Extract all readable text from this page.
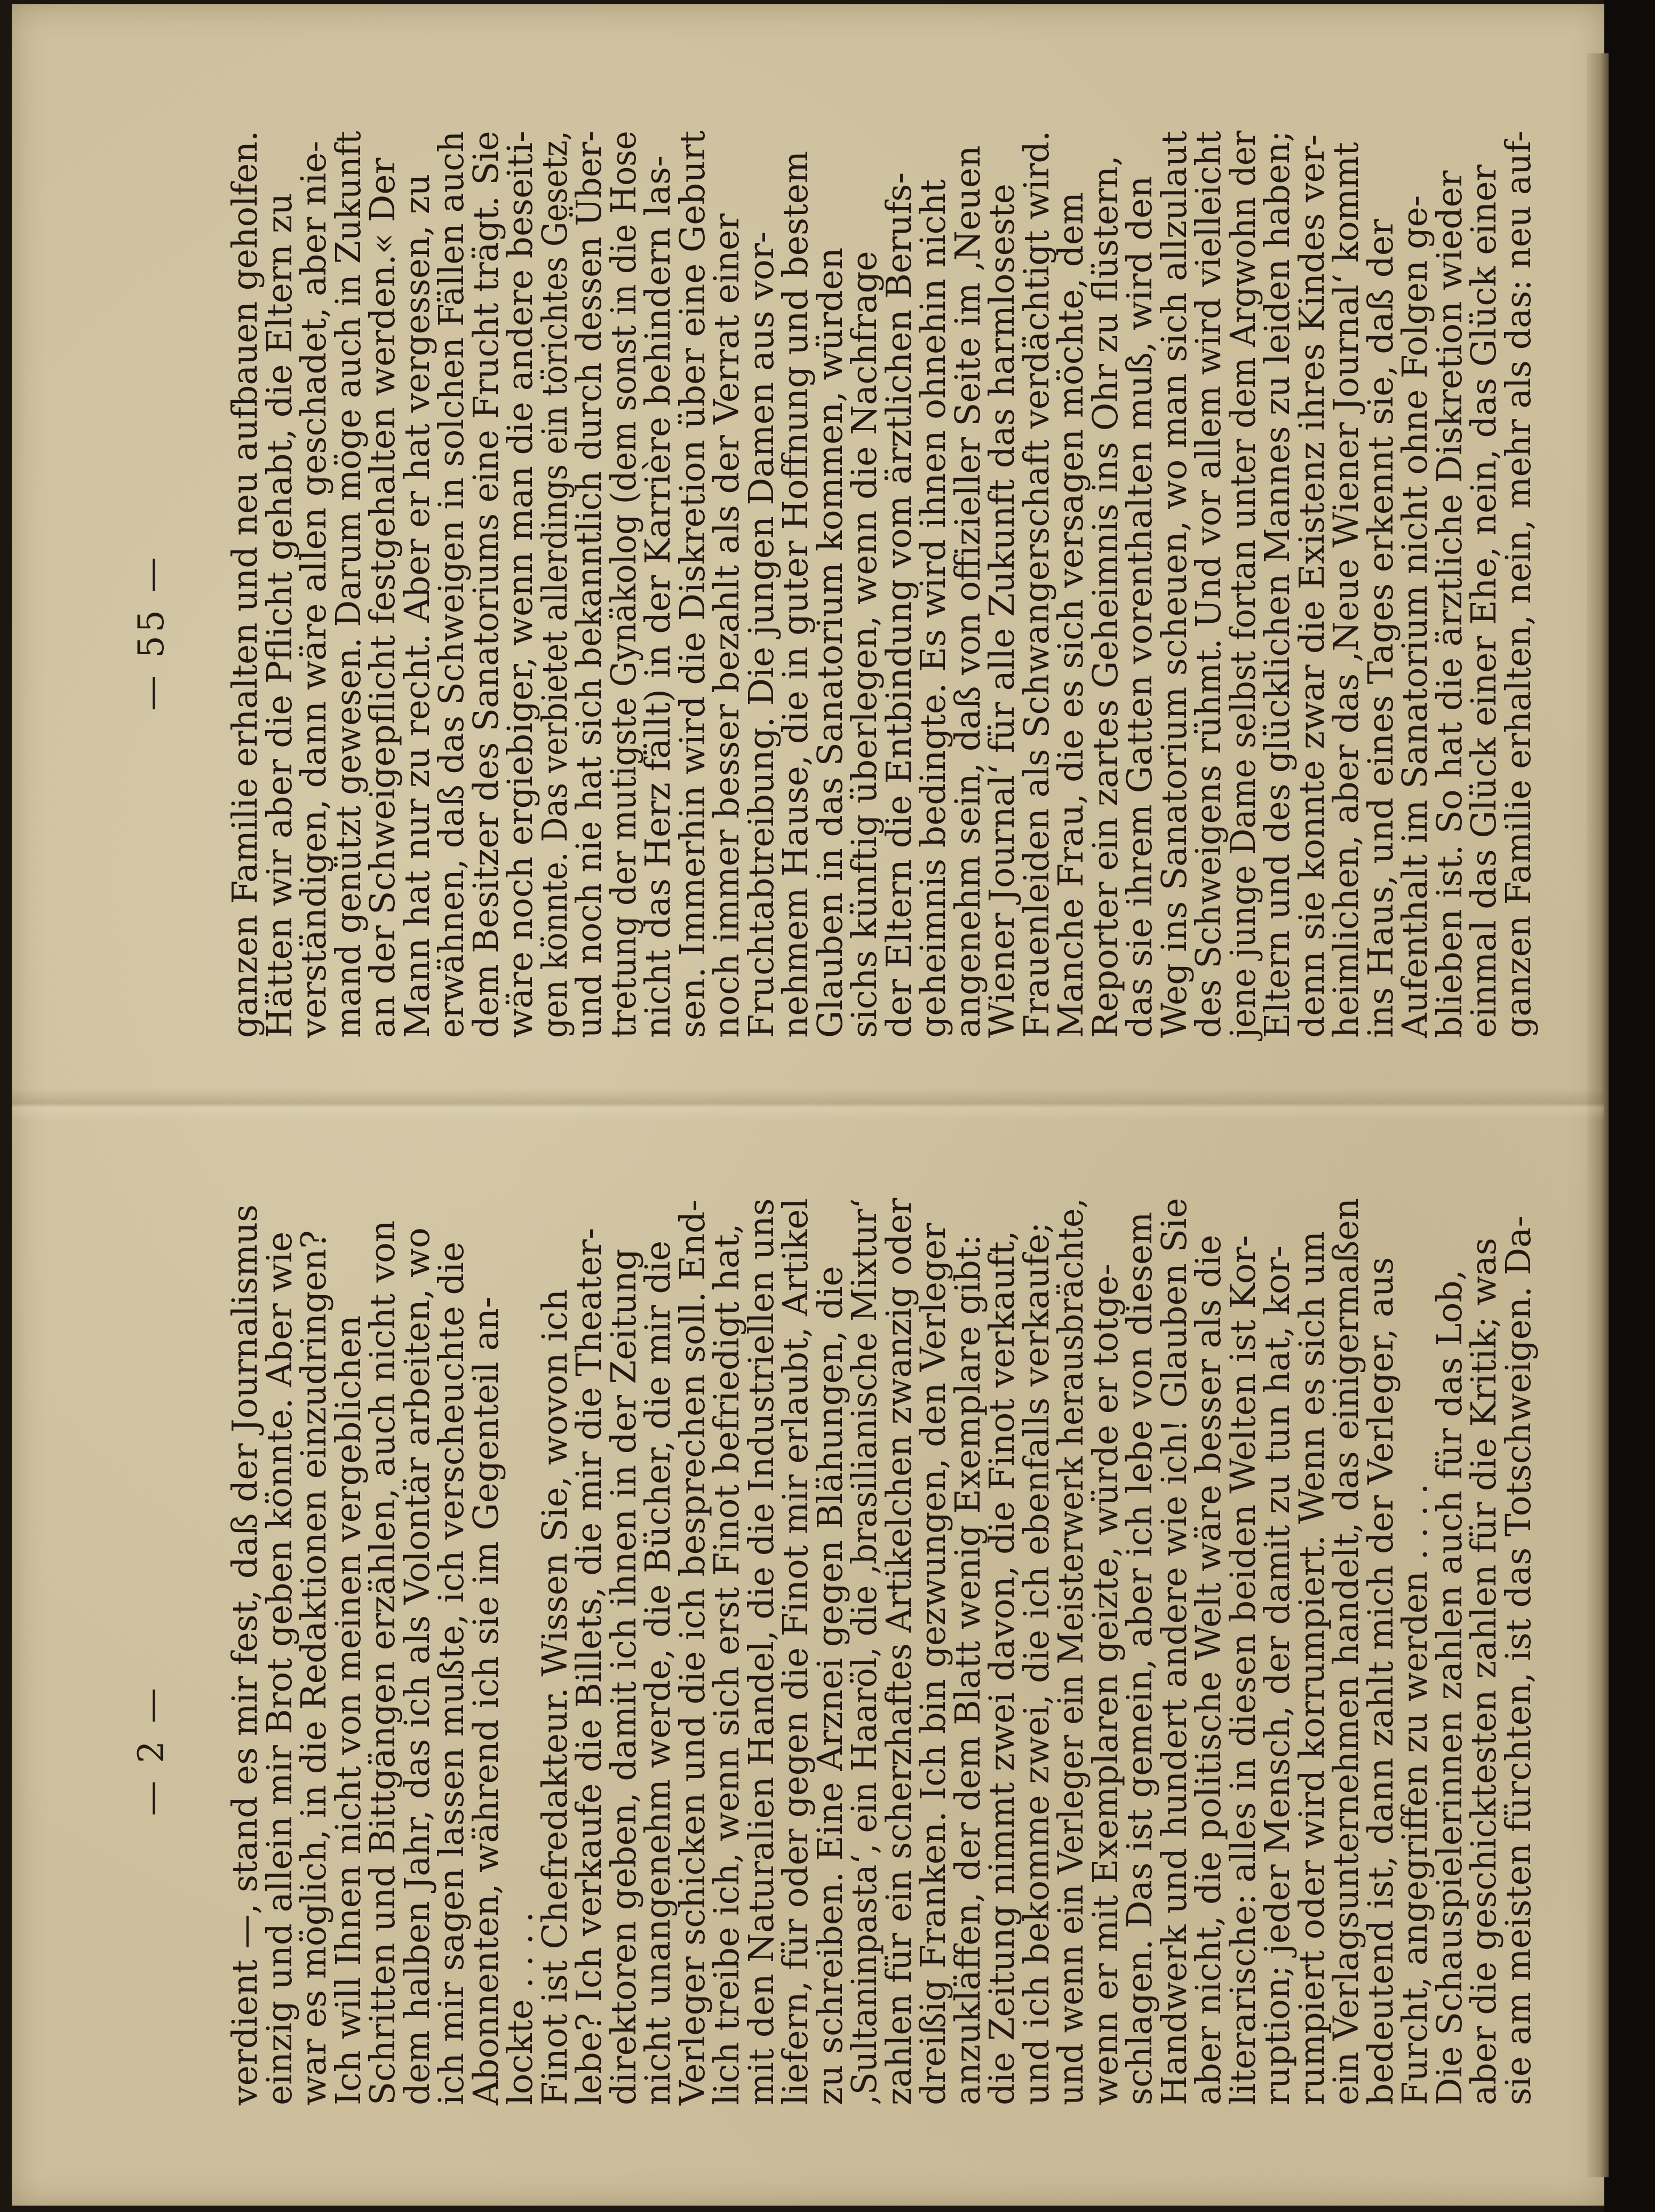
— 55 — ganzen Familie erhalten und neu aufbauen geholfen.

Hätten wir aber die Pflicht gehabt, die Eltern zu

verständigen, dann wäre allen geschadet, aber nie-

mand genützt gewesen. Darum möge auch in Zukunft

an der Schweigepflicht festgehalten werden.« Der

Mann hat nur zu recht. Aber er hat vergessen, zu

erwähnen, daß das Schweigen in solchen Fällen auch

dem Besitzer des Sanatoriums eine Frucht trägt. Sie

wäre noch ergiebiger, wenn man die andere beseiti-

gen könnte. Das verbietet allerdings ein törichtes Gesetz,

und noch nie hat sich bekanntlich durch dessen Über-

tretung der mutigste Gynäkolog (dem sonst in die Hose

nicht das Herz fällt) in der Karrière behindern las-

sen. Immerhin wird die Diskretion über eine Geburt

noch immer besser bezahlt als der Verrat einer

Fruchtabtreibung. Die jungen Damen aus vor-

nehmem Hause, die in guter Hoffnung und bestem

Glauben in das Sanatorium kommen, würden

sichs künftig überlegen, wenn die Nachfrage

der Eltern die Entbindung vom ärztlichen Berufs-

geheimnis bedingte. Es wird ihnen ohnehin nicht

angenehm sein, daß von offizieller Seite im ‚Neuen

Wiener Journal‘ für alle Zukunft das harmloseste

Frauenleiden als Schwangerschaft verdächtigt wird.

Manche Frau, die es sich versagen möchte, dem

Reporter ein zartes Geheimnis ins Ohr zu flüstern,

das sie ihrem Gatten vorenthalten muß, wird den

Weg ins Sanatorium scheuen, wo man sich allzulaut

des Schweigens rühmt. Und vor allem wird vielleicht

jene junge Dame selbst fortan unter dem Argwohn der

Eltern und des glücklichen Mannes zu leiden haben;

denn sie konnte zwar die Existenz ihres Kindes ver-

heimlichen, aber das ‚Neue Wiener Journal‘ kommt

ins Haus, und eines Tages erkennt sie, daß der

Aufenthalt im Sanatorium nicht ohne Folgen ge-

blieben ist. So hat die ärztliche Diskretion wieder

einmal das Glück einer Ehe, nein, das Glück einer

ganzen Familie erhalten, nein, mehr als das: neu auf-

— 2 — verdient —, stand es mir fest, daß der Journalismus

einzig und allein mir Brot geben könnte. Aber wie

war es möglich, in die Redaktionen einzudringen?

Ich will Ihnen nicht von meinen vergeblichen

Schritten und Bittgängen erzählen, auch nicht von

dem halben Jahr, das ich als Volontär arbeiten, wo

ich mir sagen lassen mußte, ich verscheuchte die

Abonnenten, während ich sie im Gegenteil an-

lockte . . . .

Finot ist Chefredakteur. Wissen Sie, wovon ich

lebe? Ich verkaufe die Billets, die mir die Theater-

direktoren geben, damit ich ihnen in der Zeitung

nicht unangenehm werde, die Bücher, die mir die

Verleger schicken und die ich besprechen soll. End-

lich treibe ich, wenn sich erst Finot befriedigt hat,

mit den Naturalien Handel, die die Industriellen uns

liefern, für oder gegen die Finot mir erlaubt, Artikel

zu schreiben. Eine Arznei gegen Blähungen, die

‚Sultaninpasta‘, ein Haaröl, die ‚brasilianische Mixtur‘

zahlen für ein scherzhaftes Artikelchen zwanzig oder

dreißig Franken. Ich bin gezwungen, den Verleger

anzukläffen, der dem Blatt wenig Exemplare gibt:

die Zeitung nimmt zwei davon, die Finot verkauft,

und ich bekomme zwei, die ich ebenfalls verkaufe;

und wenn ein Verleger ein Meisterwerk herausbrächte,

wenn er mit Exemplaren geizte, würde er totge-

schlagen. Das ist gemein, aber ich lebe von diesem

Handwerk und hundert andere wie ich! Glauben Sie

aber nicht, die politische Welt wäre besser als die

literarische: alles in diesen beiden Welten ist Kor-

ruption; jeder Mensch, der damit zu tun hat, kor-

rumpiert oder wird korrumpiert. Wenn es sich um

ein Verlagsunternehmen handelt, das einigermaßen

bedeutend ist, dann zahlt mich der Verleger, aus

Furcht, angegriffen zu werden . . . .

Die Schauspielerinnen zahlen auch für das Lob,

aber die geschicktesten zahlen für die Kritik; was

sie am meisten fürchten, ist das Totschweigen. Da-
